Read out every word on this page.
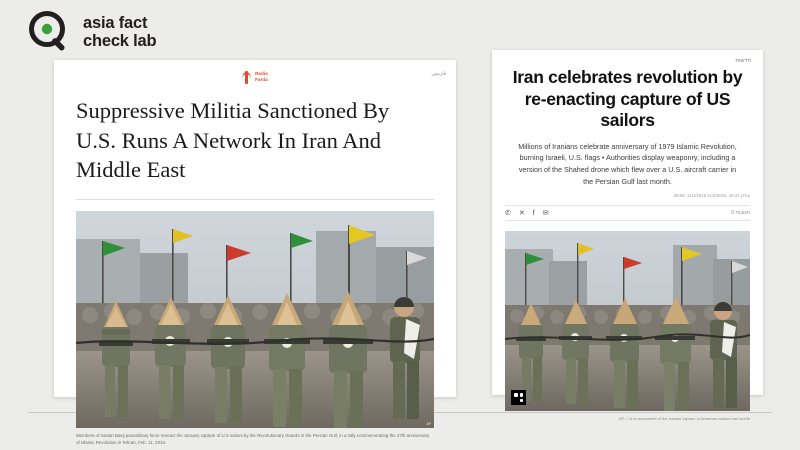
asia fact
check lab
Radio
Farda
فارسی
Suppressive Militia Sanctioned By U.S. Runs A Network In Iran And Middle East
AP
Members of Iranian Basij paramilitary force reenact the January capture of U.S sailors by the Revolutionary Guards in the Persian Gulf, in a rally commemorating the 37th anniversary of Islamic Revolution in Tehran, Feb. 11, 2016.
חדשות
Iran celebrates revolution by re-enacting capture of US sailors

Millions of Iranians celebrate anniversary of 1979 Islamic Revolution, burning Israeli, U.S. flags • Authorities display weaponry, including a version of the Shahed drone which flew over a U.S. aircraft carrier in the Persian Gulf last month.

08:08 ,11/2/2016 עודכן 10:47 ,11/2/2016
✆ ✕ f ✉	0 תגובות
AP / / A re-enactment of the Iranian capture of American sailors last month
